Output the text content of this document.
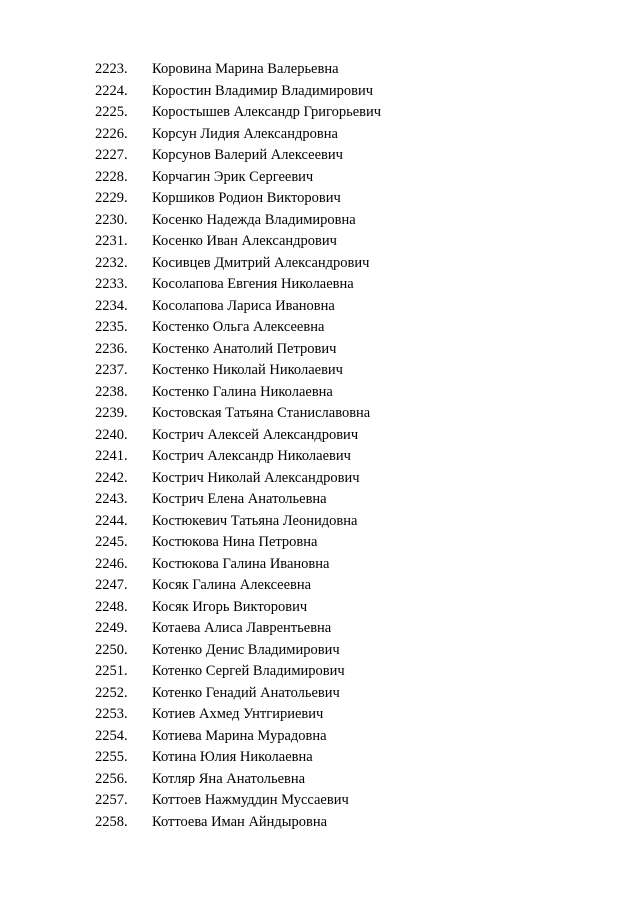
2223. Коровина Марина Валерьевна
2224. Коростин Владимир Владимирович
2225. Коростышев Александр Григорьевич
2226. Корсун Лидия Александровна
2227. Корсунов Валерий Алексеевич
2228. Корчагин Эрик Сергеевич
2229. Коршиков Родион Викторович
2230. Косенко Надежда Владимировна
2231. Косенко Иван Александрович
2232. Косивцев Дмитрий Александрович
2233. Косолапова Евгения Николаевна
2234. Косолапова Лариса Ивановна
2235. Костенко Ольга Алексеевна
2236. Костенко Анатолий Петрович
2237. Костенко Николай Николаевич
2238. Костенко Галина Николаевна
2239. Костовская Татьяна Станиславовна
2240. Кострич Алексей Александрович
2241. Кострич Александр Николаевич
2242. Кострич Николай Александрович
2243. Кострич Елена Анатольевна
2244. Костюкевич Татьяна Леонидовна
2245. Костюкова Нина Петровна
2246. Костюкова Галина Ивановна
2247. Косяк Галина Алексеевна
2248. Косяк Игорь Викторович
2249. Котаева Алиса Лаврентьевна
2250. Котенко Денис Владимирович
2251. Котенко Сергей Владимирович
2252. Котенко Генадий Анатольевич
2253. Котиев Ахмед Унтгириевич
2254. Котиева Марина Мурадовна
2255. Котина Юлия Николаевна
2256. Котляр Яна Анатольевна
2257. Коттоев Нажмуддин Муссаевич
2258. Коттоева Иман Айндыровна
